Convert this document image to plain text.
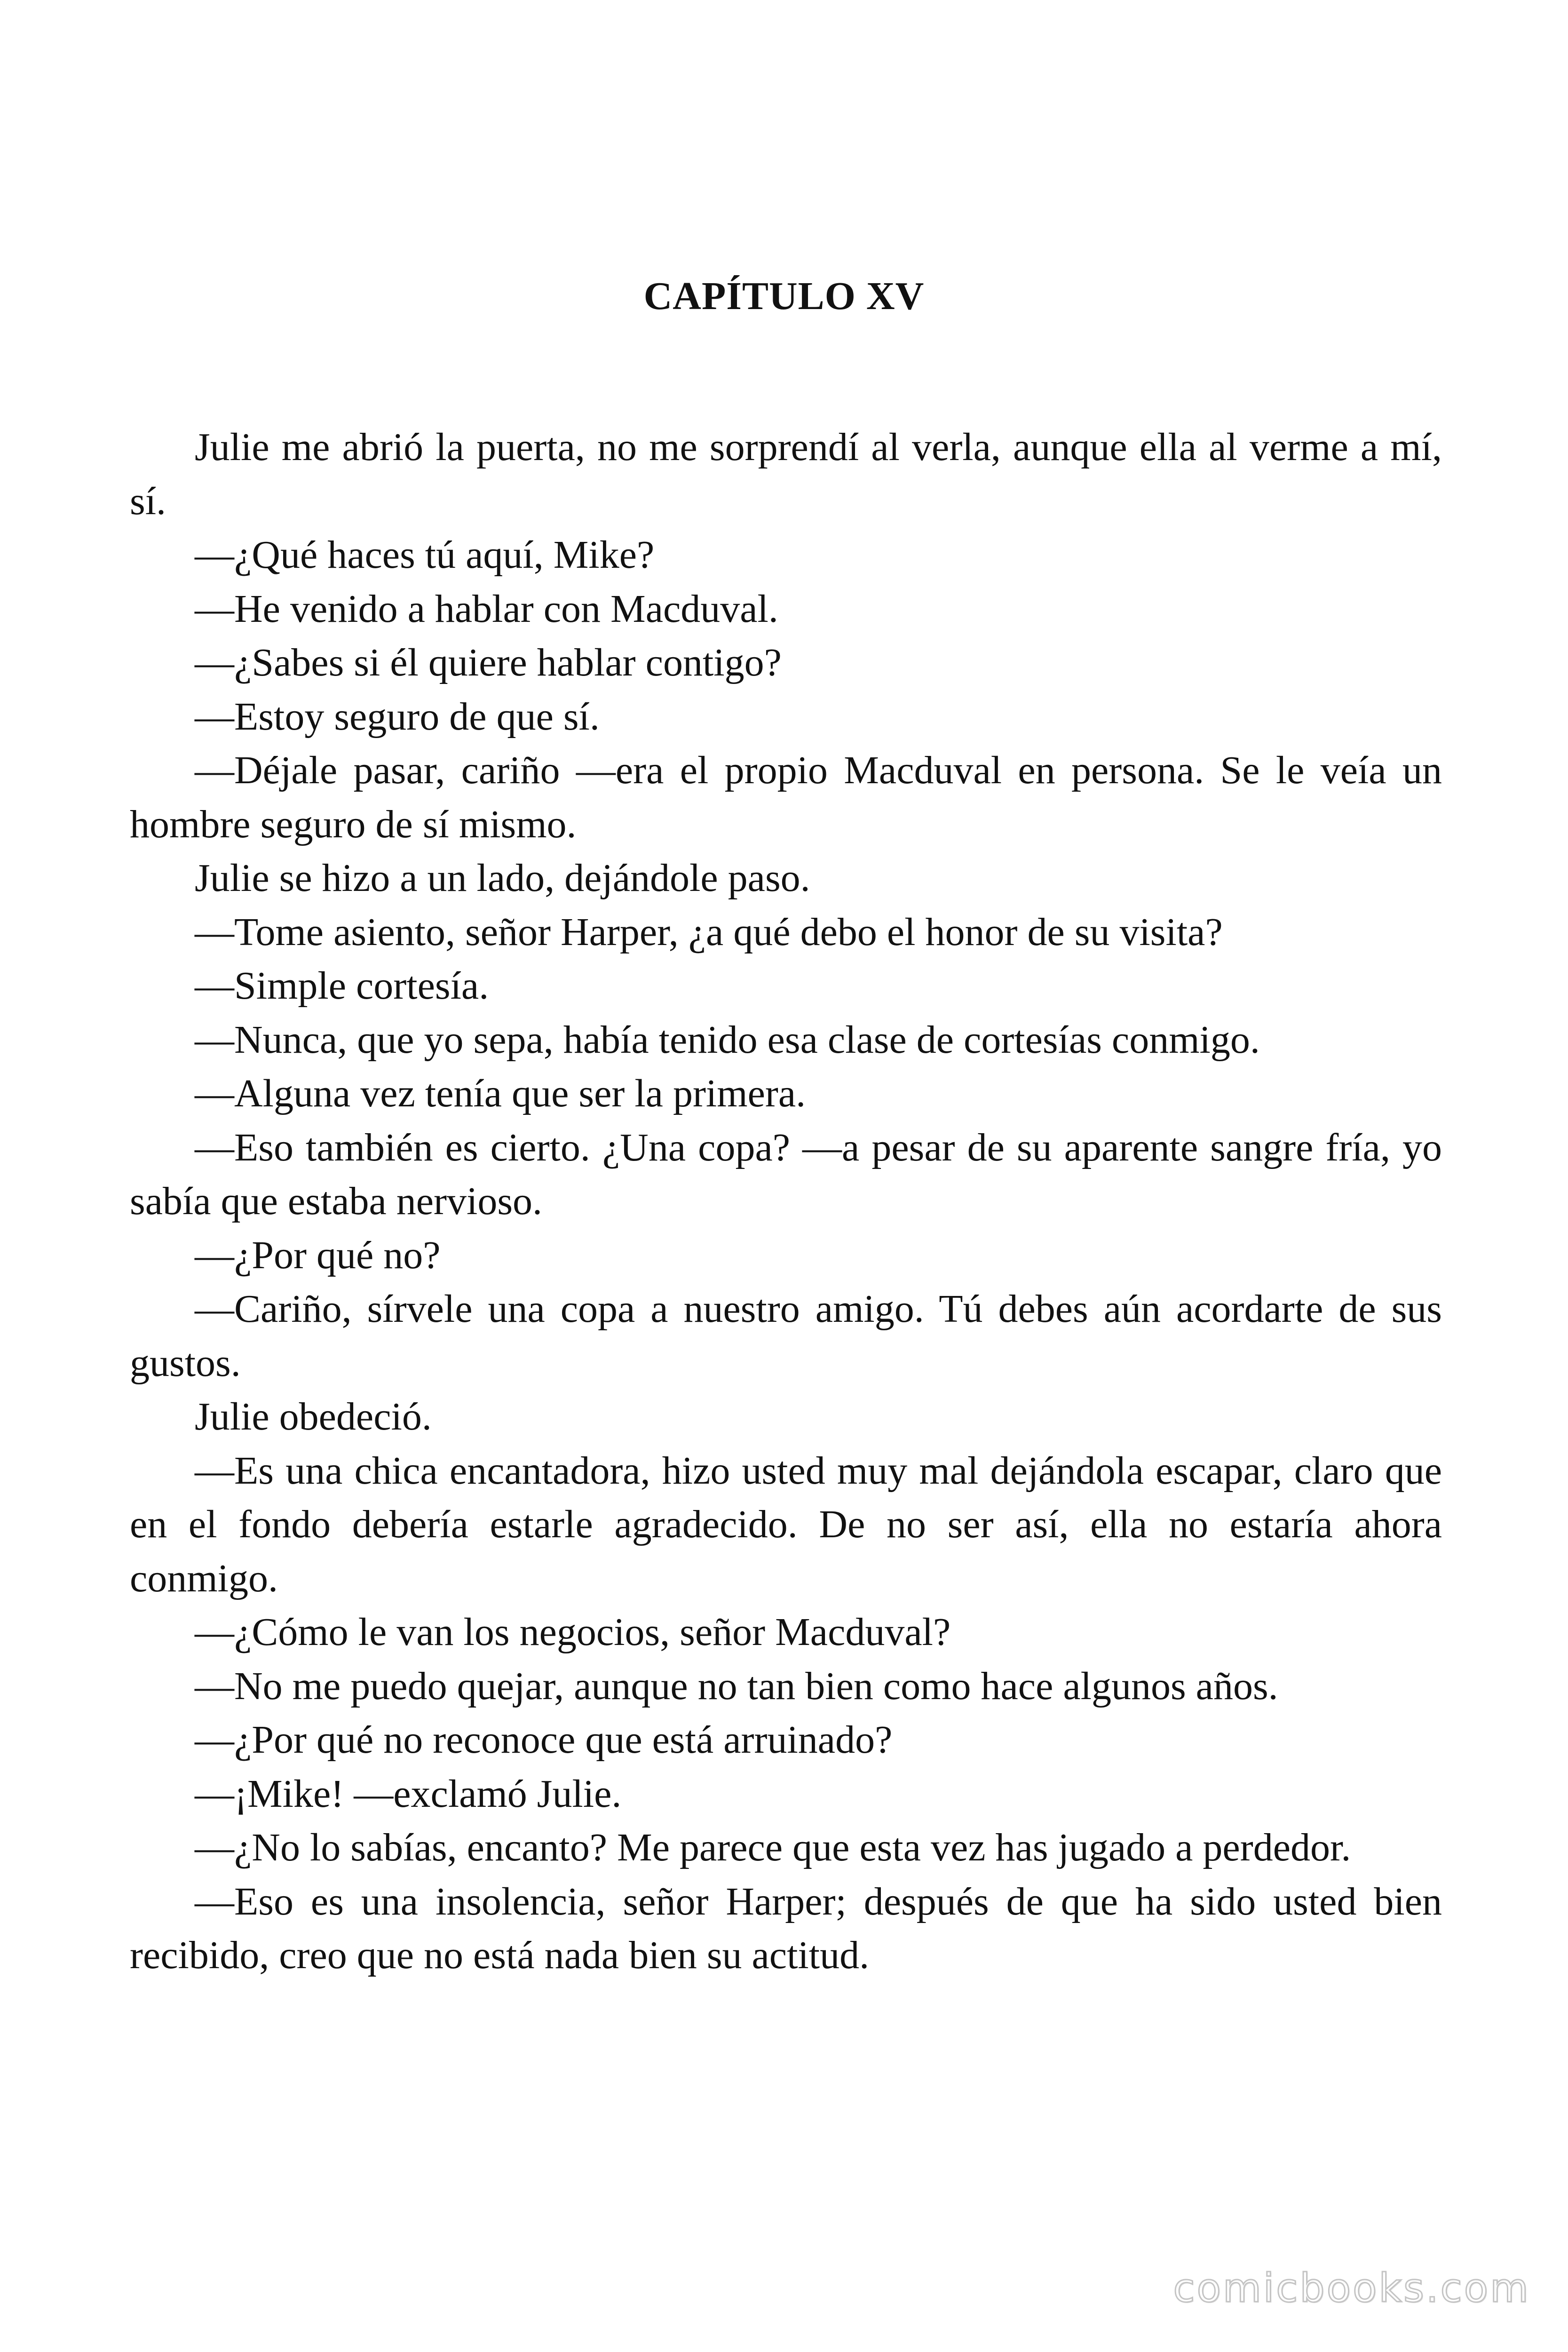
CAPÍTULO XV

Julie me abrió la puerta, no me sorprendí al verla, aunque ella al verme a mí, sí.

—¿Qué haces tú aquí, Mike?

—He venido a hablar con Macduval.

—¿Sabes si él quiere hablar contigo?

—Estoy seguro de que sí.

—Déjale pasar, cariño —era el propio Macduval en persona. Se le veía un hombre seguro de sí mismo.

Julie se hizo a un lado, dejándole paso.

—Tome asiento, señor Harper, ¿a qué debo el honor de su visita?

—Simple cortesía.

—Nunca, que yo sepa, había tenido esa clase de cortesías conmigo.

—Alguna vez tenía que ser la primera.

—Eso también es cierto. ¿Una copa? —a pesar de su aparente sangre fría, yo sabía que estaba nervioso.

—¿Por qué no?

—Cariño, sírvele una copa a nuestro amigo. Tú debes aún acordarte de sus gustos.

Julie obedeció.

—Es una chica encantadora, hizo usted muy mal dejándola escapar, claro que en el fondo debería estarle agradecido. De no ser así, ella no estaría ahora conmigo.

—¿Cómo le van los negocios, señor Macduval?

—No me puedo quejar, aunque no tan bien como hace algunos años.

—¿Por qué no reconoce que está arruinado?

—¡Mike! —exclamó Julie.

—¿No lo sabías, encanto? Me parece que esta vez has jugado a perdedor.

—Eso es una insolencia, señor Harper; después de que ha sido usted bien recibido, creo que no está nada bien su actitud.

comicbooks.com
